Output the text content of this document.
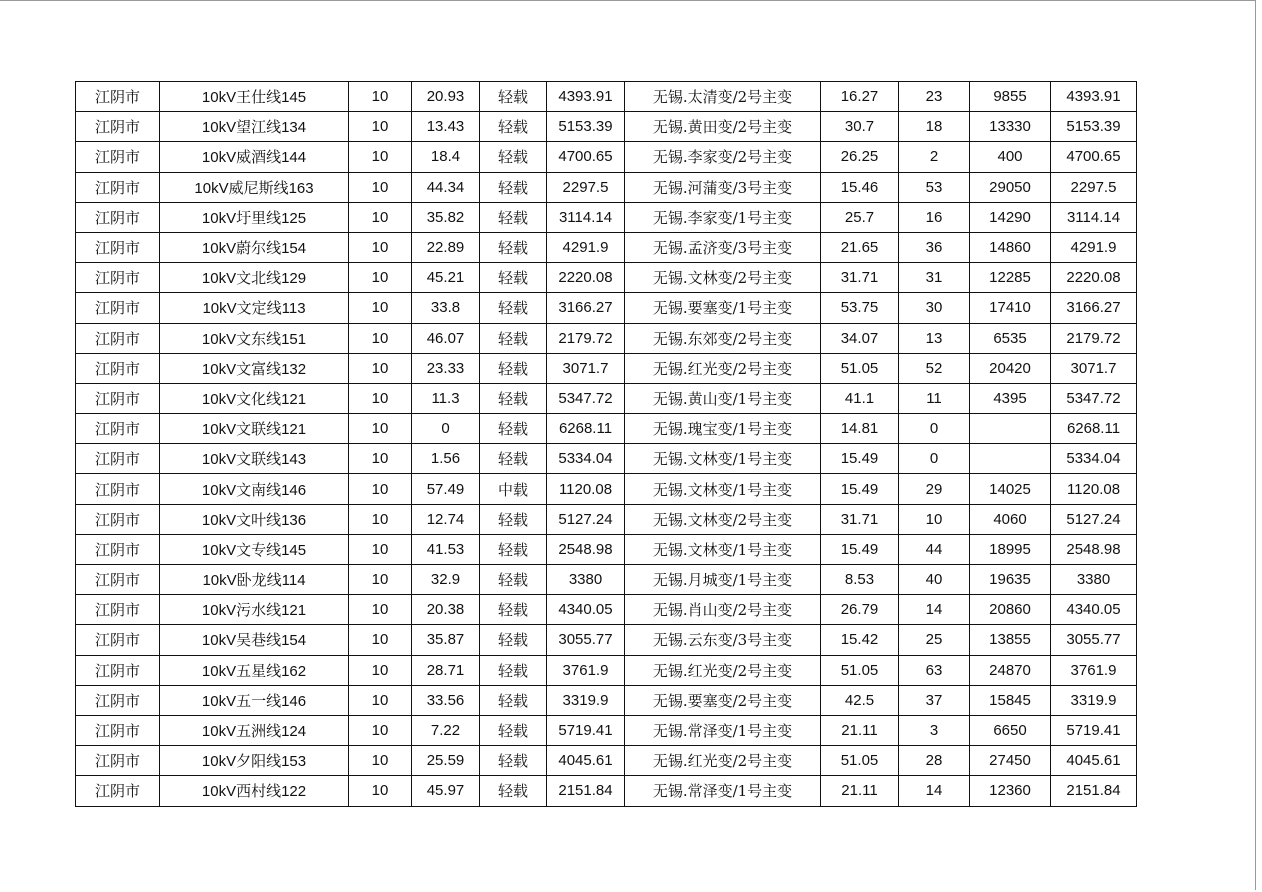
江阴市	10kV王仕线145	10	20.93	轻载	4393.91	无锡.太清变/2号主变	16.27	23	9855	4393.91
江阴市	10kV望江线134	10	13.43	轻载	5153.39	无锡.黄田变/2号主变	30.7	18	13330	5153.39
江阴市	10kV威酒线144	10	18.4	轻载	4700.65	无锡.李家变/2号主变	26.25	2	400	4700.65
江阴市	10kV威尼斯线163	10	44.34	轻载	2297.5	无锡.河蒲变/3号主变	15.46	53	29050	2297.5
江阴市	10kV圩里线125	10	35.82	轻载	3114.14	无锡.李家变/1号主变	25.7	16	14290	3114.14
江阴市	10kV蔚尔线154	10	22.89	轻载	4291.9	无锡.孟济变/3号主变	21.65	36	14860	4291.9
江阴市	10kV文北线129	10	45.21	轻载	2220.08	无锡.文林变/2号主变	31.71	31	12285	2220.08
江阴市	10kV文定线113	10	33.8	轻载	3166.27	无锡.要塞变/1号主变	53.75	30	17410	3166.27
江阴市	10kV文东线151	10	46.07	轻载	2179.72	无锡.东郊变/2号主变	34.07	13	6535	2179.72
江阴市	10kV文富线132	10	23.33	轻载	3071.7	无锡.红光变/2号主变	51.05	52	20420	3071.7
江阴市	10kV文化线121	10	11.3	轻载	5347.72	无锡.黄山变/1号主变	41.1	11	4395	5347.72
江阴市	10kV文联线121	10	0	轻载	6268.11	无锡.瑰宝变/1号主变	14.81	0		6268.11
江阴市	10kV文联线143	10	1.56	轻载	5334.04	无锡.文林变/1号主变	15.49	0		5334.04
江阴市	10kV文南线146	10	57.49	中载	1120.08	无锡.文林变/1号主变	15.49	29	14025	1120.08
江阴市	10kV文叶线136	10	12.74	轻载	5127.24	无锡.文林变/2号主变	31.71	10	4060	5127.24
江阴市	10kV文专线145	10	41.53	轻载	2548.98	无锡.文林变/1号主变	15.49	44	18995	2548.98
江阴市	10kV卧龙线114	10	32.9	轻载	3380	无锡.月城变/1号主变	8.53	40	19635	3380
江阴市	10kV污水线121	10	20.38	轻载	4340.05	无锡.肖山变/2号主变	26.79	14	20860	4340.05
江阴市	10kV吴巷线154	10	35.87	轻载	3055.77	无锡.云东变/3号主变	15.42	25	13855	3055.77
江阴市	10kV五星线162	10	28.71	轻载	3761.9	无锡.红光变/2号主变	51.05	63	24870	3761.9
江阴市	10kV五一线146	10	33.56	轻载	3319.9	无锡.要塞变/2号主变	42.5	37	15845	3319.9
江阴市	10kV五洲线124	10	7.22	轻载	5719.41	无锡.常泽变/1号主变	21.11	3	6650	5719.41
江阴市	10kV夕阳线153	10	25.59	轻载	4045.61	无锡.红光变/2号主变	51.05	28	27450	4045.61
江阴市	10kV西村线122	10	45.97	轻载	2151.84	无锡.常泽变/1号主变	21.11	14	12360	2151.84
